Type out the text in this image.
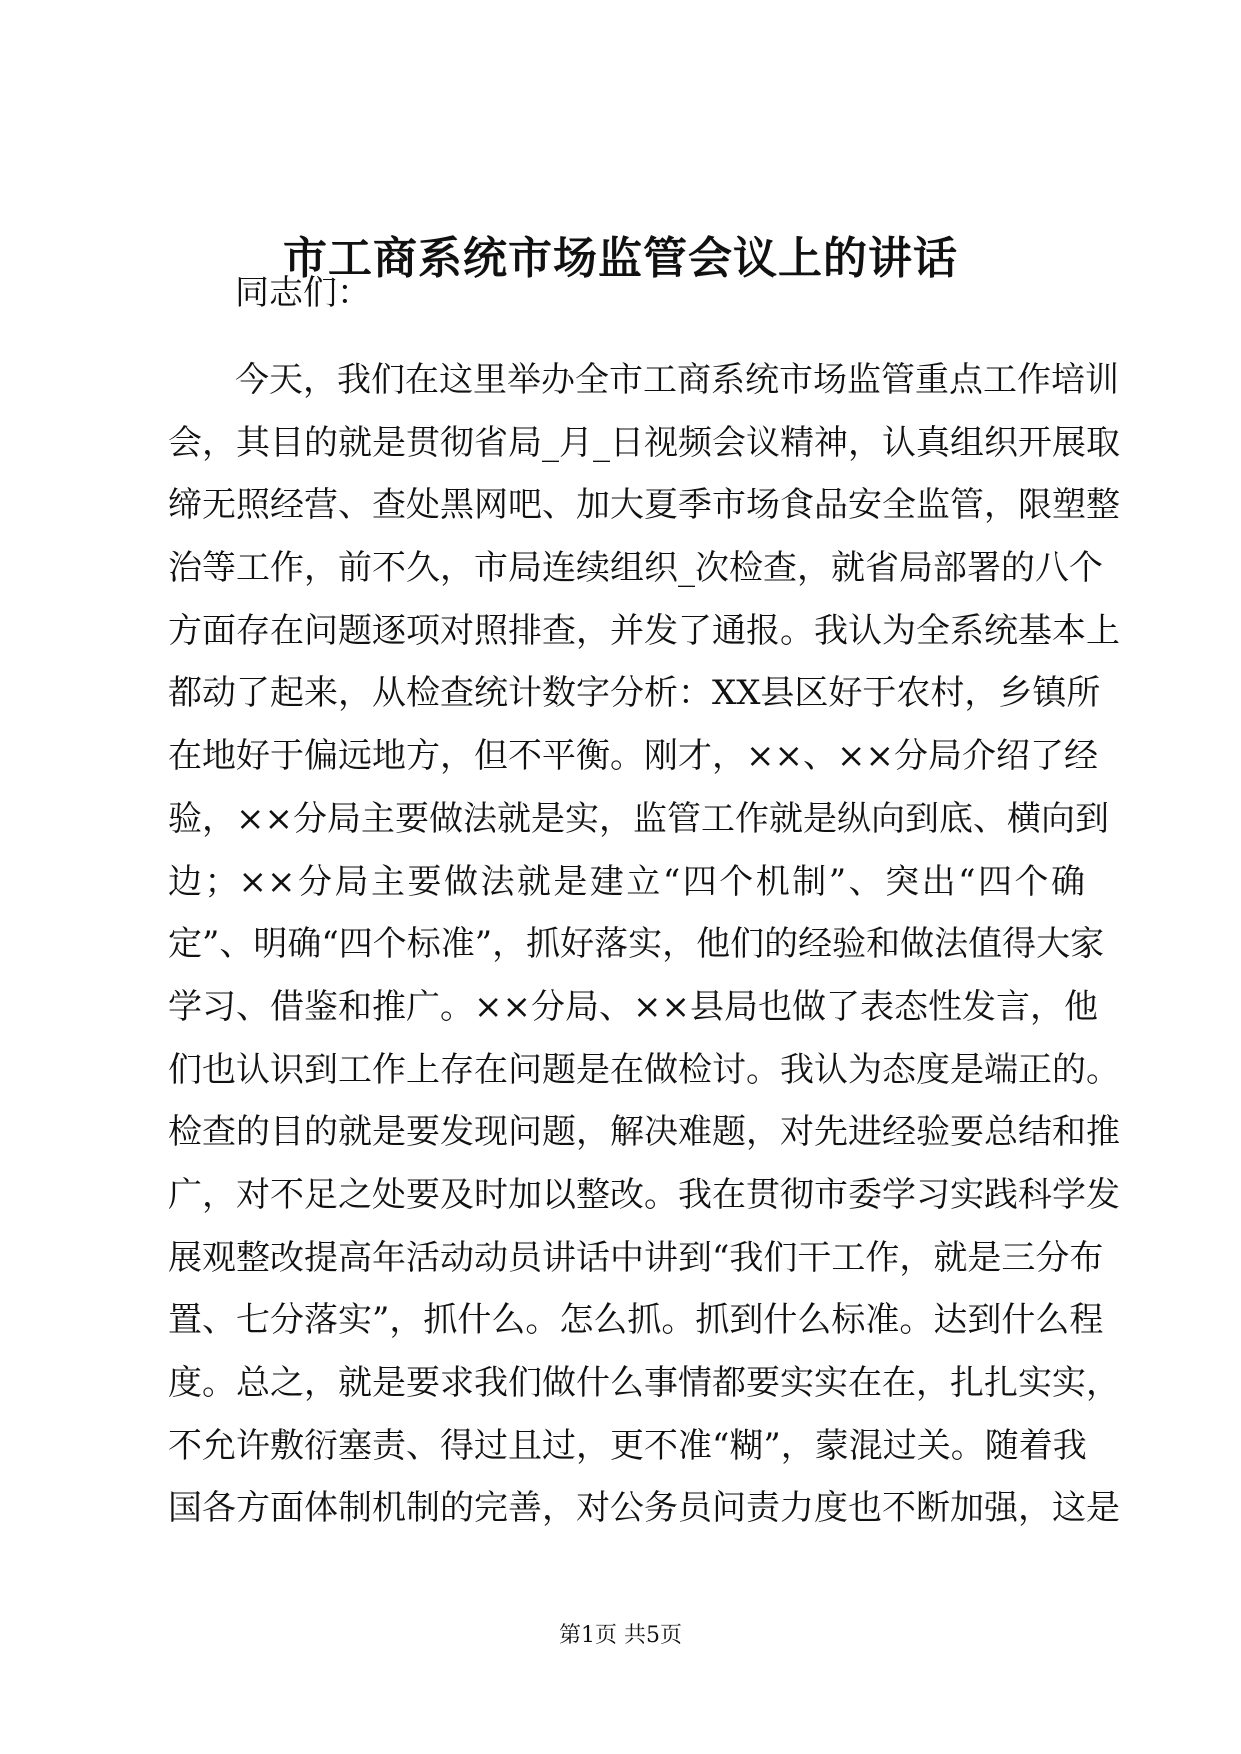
市工商系统市场监管会议上的讲话
同志们：
今天，我们在这里举办全市工商系统市场监管重点工作培训
会，其目的就是贯彻省局_月_日视频会议精神，认真组织开展取
缔无照经营、查处黑网吧、加大夏季市场食品安全监管，限塑整
治等工作，前不久，市局连续组织_次检查，就省局部署的八个
方面存在问题逐项对照排查，并发了通报。我认为全系统基本上
都动了起来，从检查统计数字分析：XX县区好于农村，乡镇所
在地好于偏远地方，但不平衡。刚才，××、××分局介绍了经
验，××分局主要做法就是实，监管工作就是纵向到底、横向到
边；××分局主要做法就是建立“四个机制”、突出“四个确
定”、明确“四个标准”，抓好落实，他们的经验和做法值得大家
学习、借鉴和推广。××分局、××县局也做了表态性发言，他
们也认识到工作上存在问题是在做检讨。我认为态度是端正的。
检查的目的就是要发现问题，解决难题，对先进经验要总结和推
广，对不足之处要及时加以整改。我在贯彻市委学习实践科学发
展观整改提高年活动动员讲话中讲到“我们干工作，就是三分布
置、七分落实”，抓什么。怎么抓。抓到什么标准。达到什么程
度。总之，就是要求我们做什么事情都要实实在在，扎扎实实，
不允许敷衍塞责、得过且过，更不准“糊”，蒙混过关。随着我
国各方面体制机制的完善，对公务员问责力度也不断加强，这是
第1页 共5页
